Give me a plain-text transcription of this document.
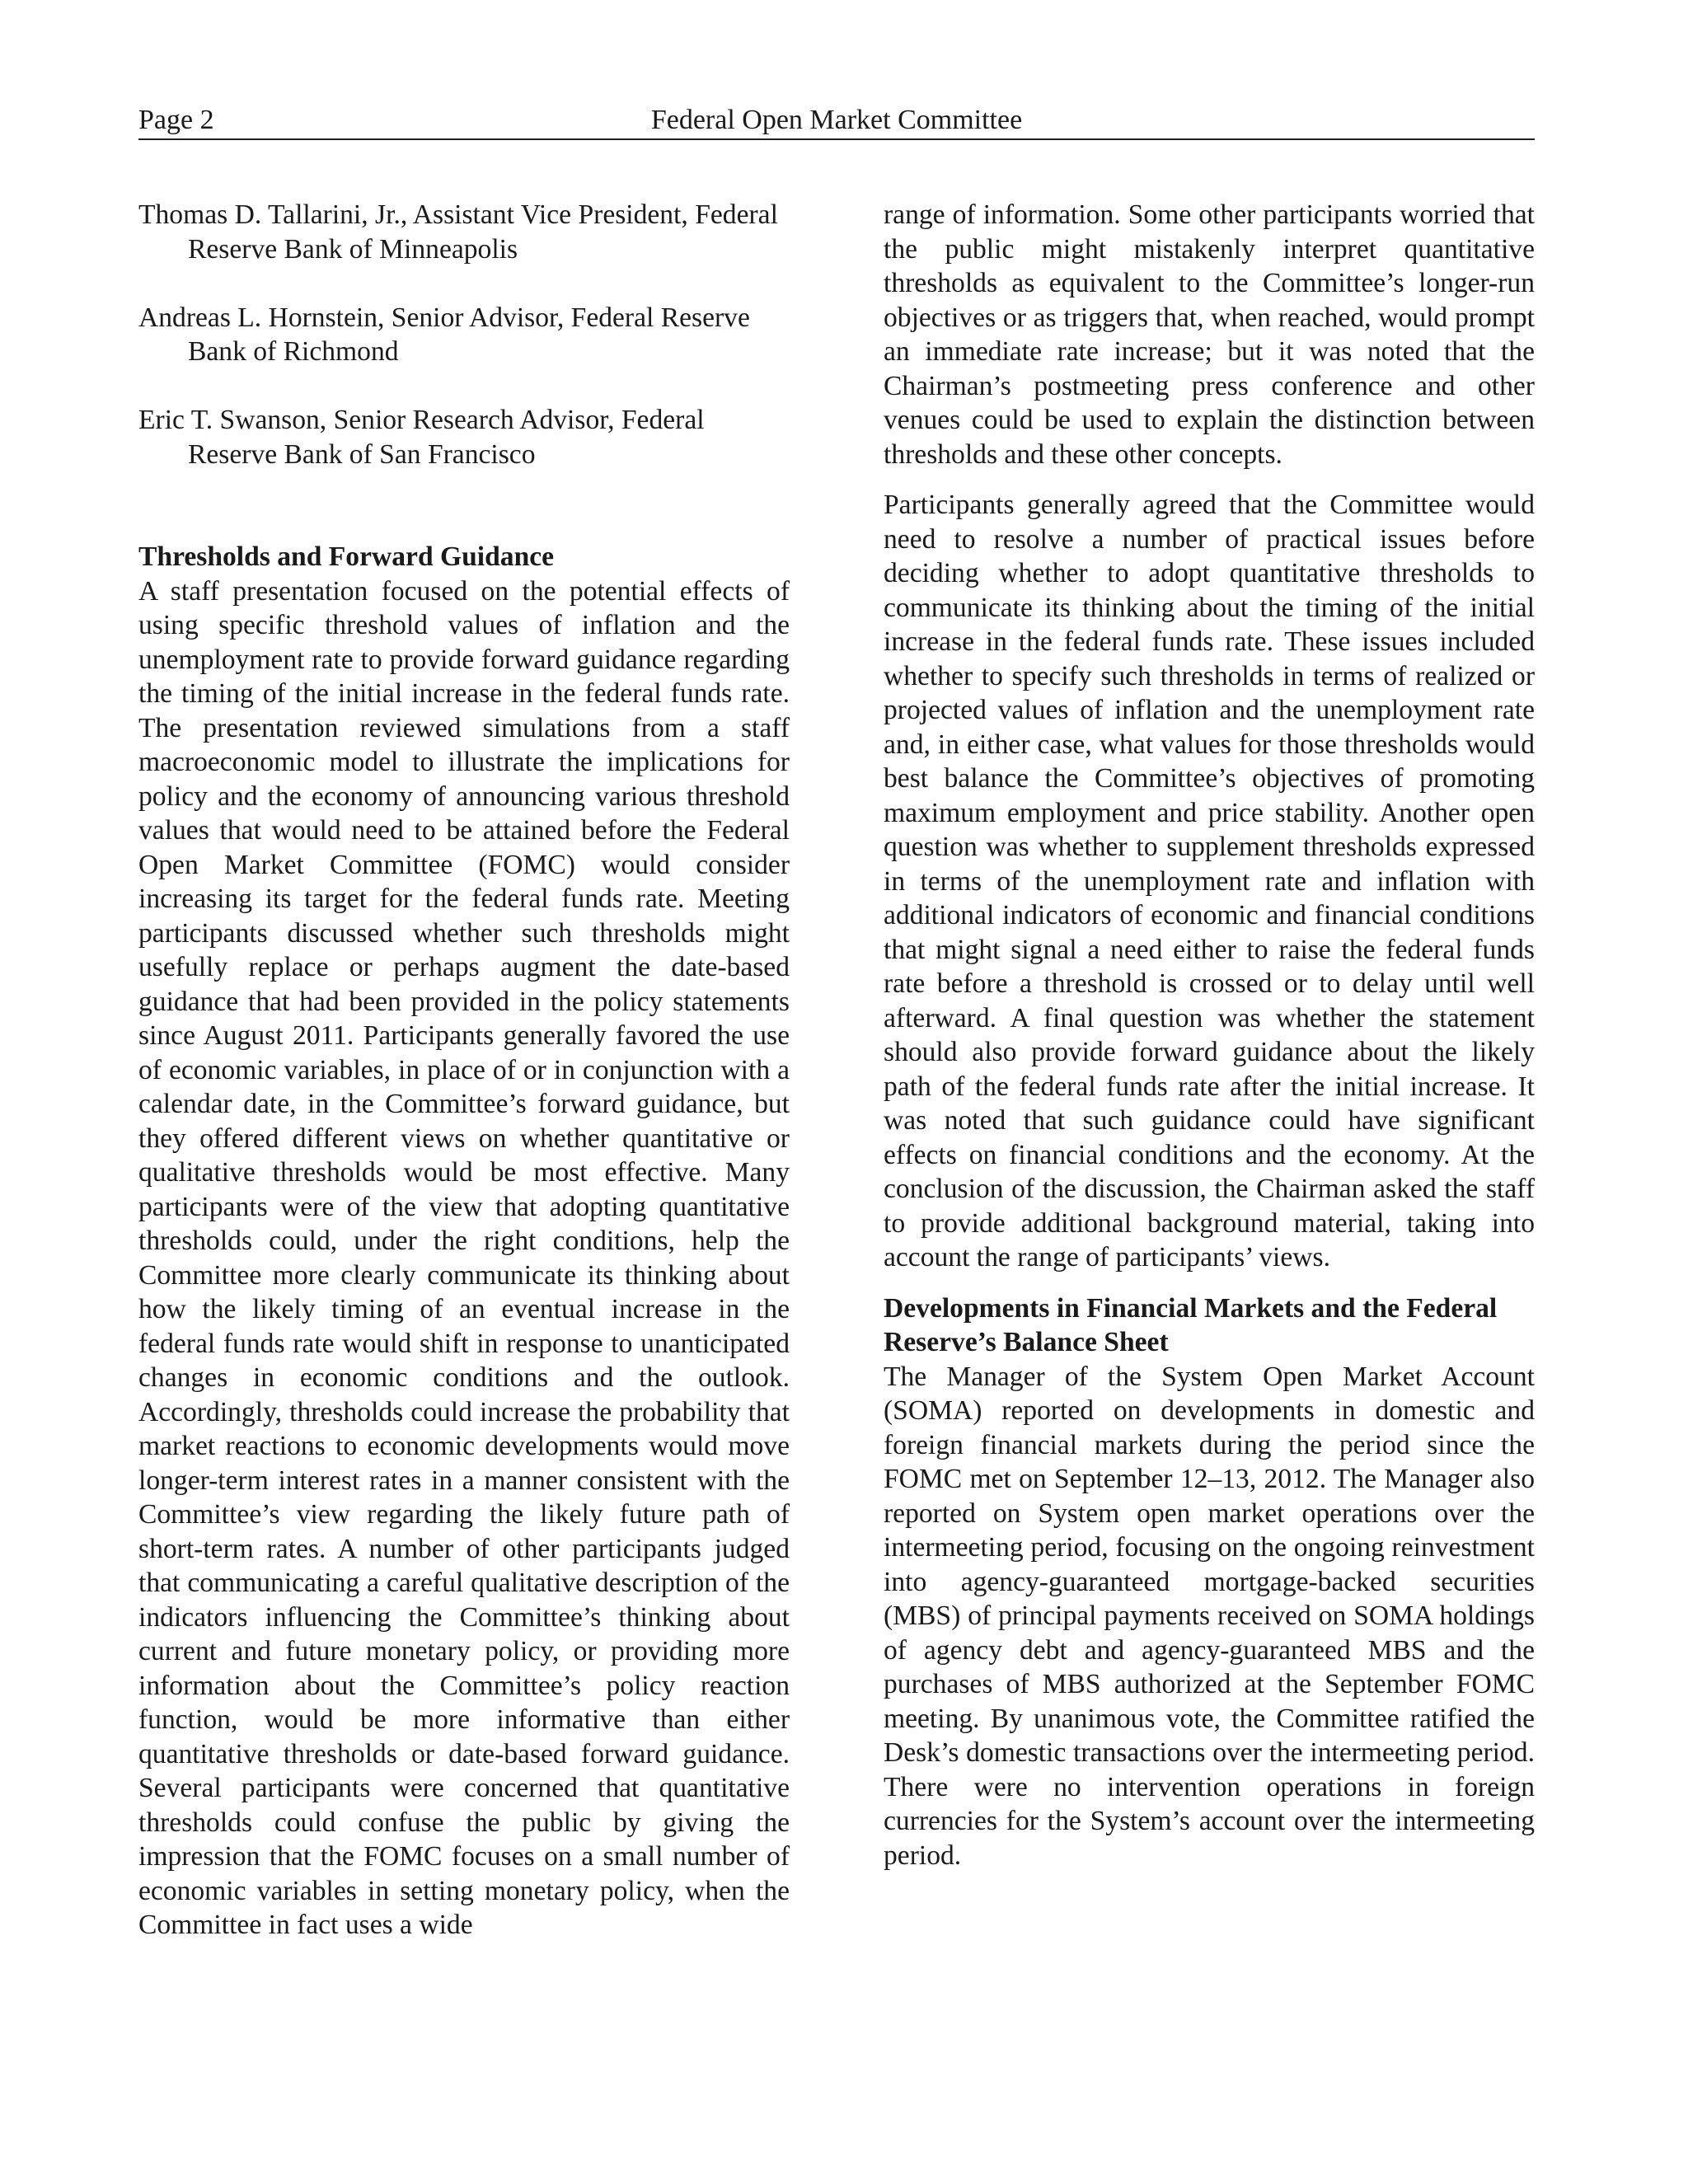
Page 2	Federal Open Market Committee

Thomas D. Tallarini, Jr., Assistant Vice President, Federal Reserve Bank of Minneapolis

Andreas L. Hornstein, Senior Advisor, Federal Reserve Bank of Richmond

Eric T. Swanson, Senior Research Advisor, Federal Reserve Bank of San Francisco

Thresholds and Forward Guidance

A staff presentation focused on the potential effects of using specific threshold values of inflation and the unemployment rate to provide forward guidance regarding the timing of the initial increase in the federal funds rate. The presentation reviewed simulations from a staff macroeconomic model to illustrate the implications for policy and the economy of announcing various threshold values that would need to be attained before the Federal Open Market Committee (FOMC) would consider increasing its target for the federal funds rate. Meeting participants discussed whether such thresholds might usefully replace or perhaps augment the date-based guidance that had been provided in the policy statements since August 2011. Participants generally favored the use of economic variables, in place of or in conjunction with a calendar date, in the Committee’s forward guidance, but they offered different views on whether quantitative or qualitative thresholds would be most effective. Many participants were of the view that adopting quantitative thresholds could, under the right conditions, help the Committee more clearly communicate its thinking about how the likely timing of an eventual increase in the federal funds rate would shift in response to unanticipated changes in economic conditions and the outlook. Accordingly, thresholds could increase the probability that market reactions to economic developments would move longer-term interest rates in a manner consistent with the Committee’s view regarding the likely future path of short-term rates. A number of other participants judged that communicating a careful qualitative description of the indicators influencing the Committee’s thinking about current and future monetary policy, or providing more information about the Committee’s policy reaction function, would be more informative than either quantitative thresholds or date-based forward guidance. Several participants were concerned that quantitative thresholds could confuse the public by giving the impression that the FOMC focuses on a small number of economic variables in setting monetary policy, when the Committee in fact uses a wide

range of information. Some other participants worried that the public might mistakenly interpret quantitative thresholds as equivalent to the Committee’s longer-run objectives or as triggers that, when reached, would prompt an immediate rate increase; but it was noted that the Chairman’s postmeeting press conference and other venues could be used to explain the distinction between thresholds and these other concepts.

Participants generally agreed that the Committee would need to resolve a number of practical issues before deciding whether to adopt quantitative thresholds to communicate its thinking about the timing of the initial increase in the federal funds rate. These issues included whether to specify such thresholds in terms of realized or projected values of inflation and the unemployment rate and, in either case, what values for those thresholds would best balance the Committee’s objectives of promoting maximum employment and price stability. Another open question was whether to supplement thresholds expressed in terms of the unemployment rate and inflation with additional indicators of economic and financial conditions that might signal a need either to raise the federal funds rate before a threshold is crossed or to delay until well afterward. A final question was whether the statement should also provide forward guidance about the likely path of the federal funds rate after the initial increase. It was noted that such guidance could have significant effects on financial conditions and the economy. At the conclusion of the discussion, the Chairman asked the staff to provide additional background material, taking into account the range of participants’ views.

Developments in Financial Markets and the Federal Reserve’s Balance Sheet

The Manager of the System Open Market Account (SOMA) reported on developments in domestic and foreign financial markets during the period since the FOMC met on September 12–13, 2012. The Manager also reported on System open market operations over the intermeeting period, focusing on the ongoing reinvestment into agency-guaranteed mortgage-backed securities (MBS) of principal payments received on SOMA holdings of agency debt and agency-guaranteed MBS and the purchases of MBS authorized at the September FOMC meeting. By unanimous vote, the Committee ratified the Desk’s domestic transactions over the intermeeting period. There were no intervention operations in foreign currencies for the System’s account over the intermeeting period.
